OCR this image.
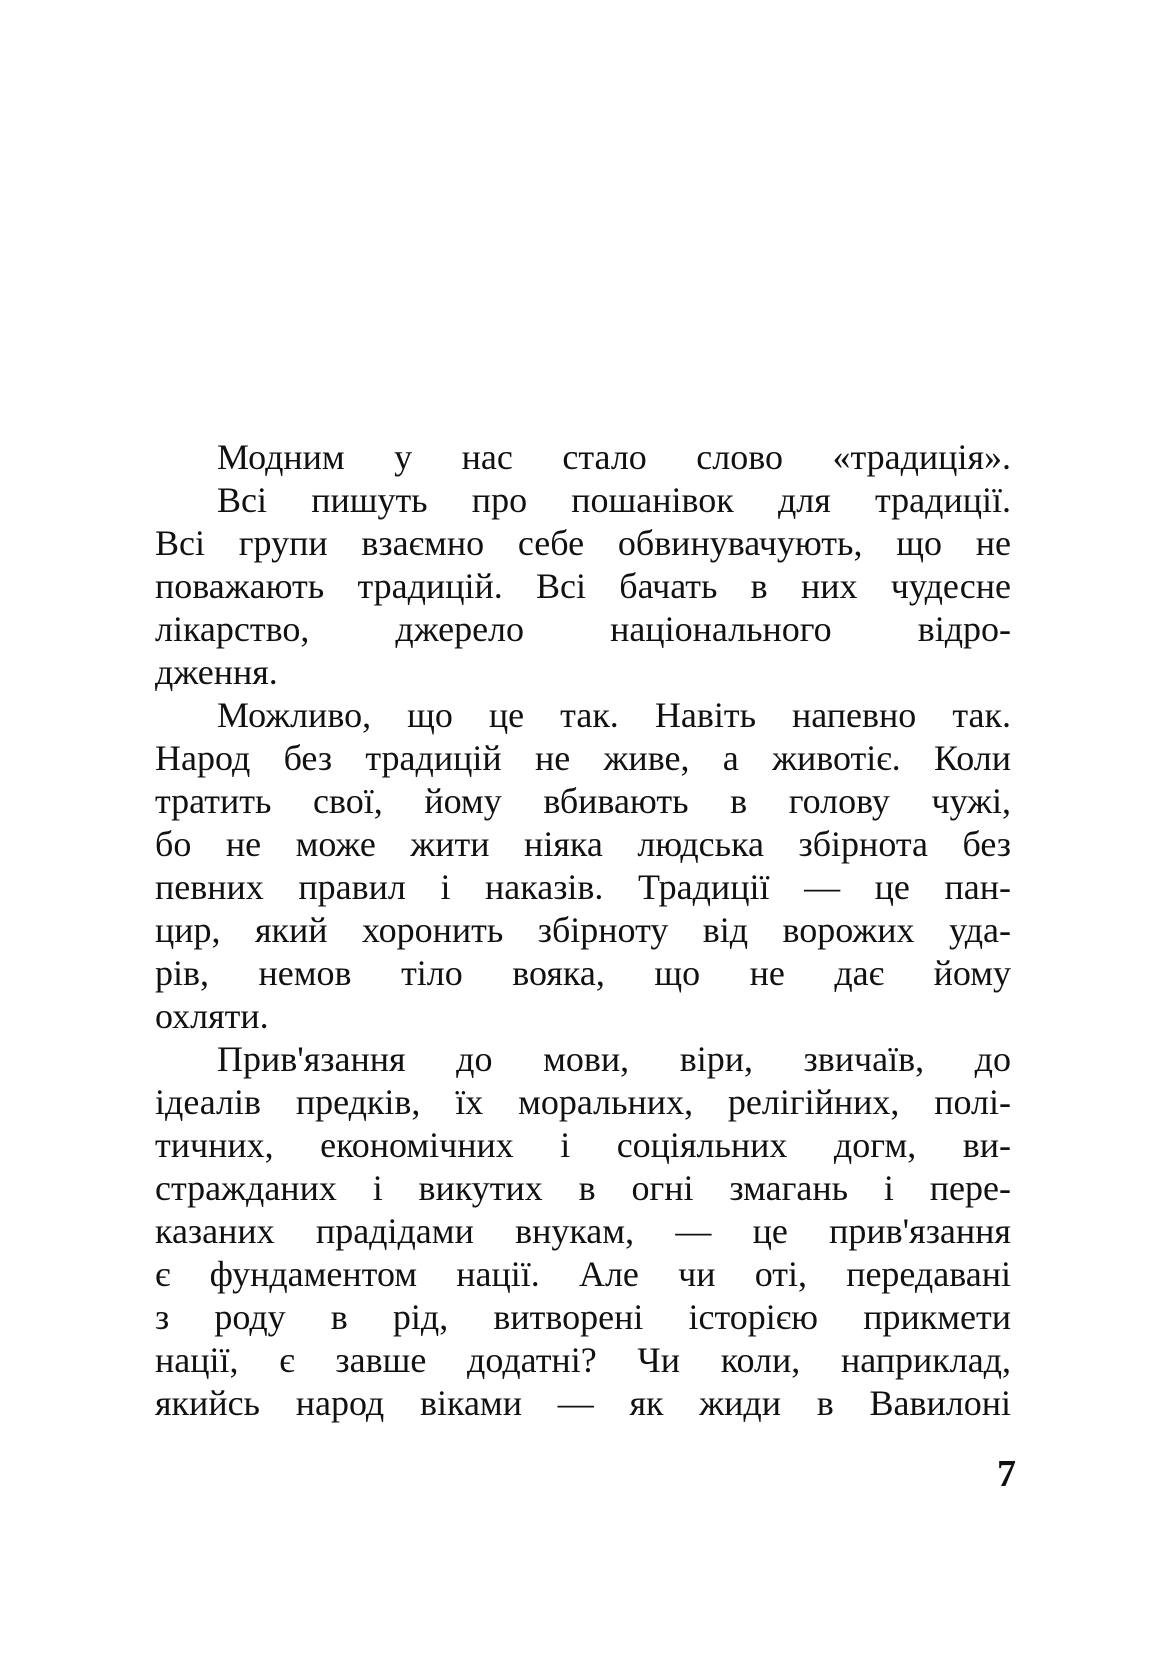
Модним у нас стало слово «традиція».
Всі пишуть про пошанівок для традиції.
Всі групи взаємно себе обвинувачують, що не
поважають традицій. Всі бачать в них чудесне
лікарство, джерело національного відро-
дження.
Можливо, що це так. Навіть напевно так.
Народ без традицій не живе, а животіє. Коли
тратить свої, йому вбивають в голову чужі,
бо не може жити ніяка людська збірнота без
певних правил і наказів. Традиції — це пан-
цир, який хоронить збірноту від ворожих уда-
рів, немов тіло вояка, що не дає йому
охляти.
Прив'язання до мови, віри, звичаїв, до
ідеалів предків, їх моральних, релігійних, полі-
тичних, економічних і соціяльних догм, ви-
страждaних і викутих в огні змагань і пере-
казаних прадідами внукам, — це прив'язання
є фундаментом нації. Але чи оті, передавані
з роду в рід, витворені історією прикмети
нації, є завше додатні? Чи коли, наприклад,
якийсь народ віками — як жиди в Вавилоні
7
